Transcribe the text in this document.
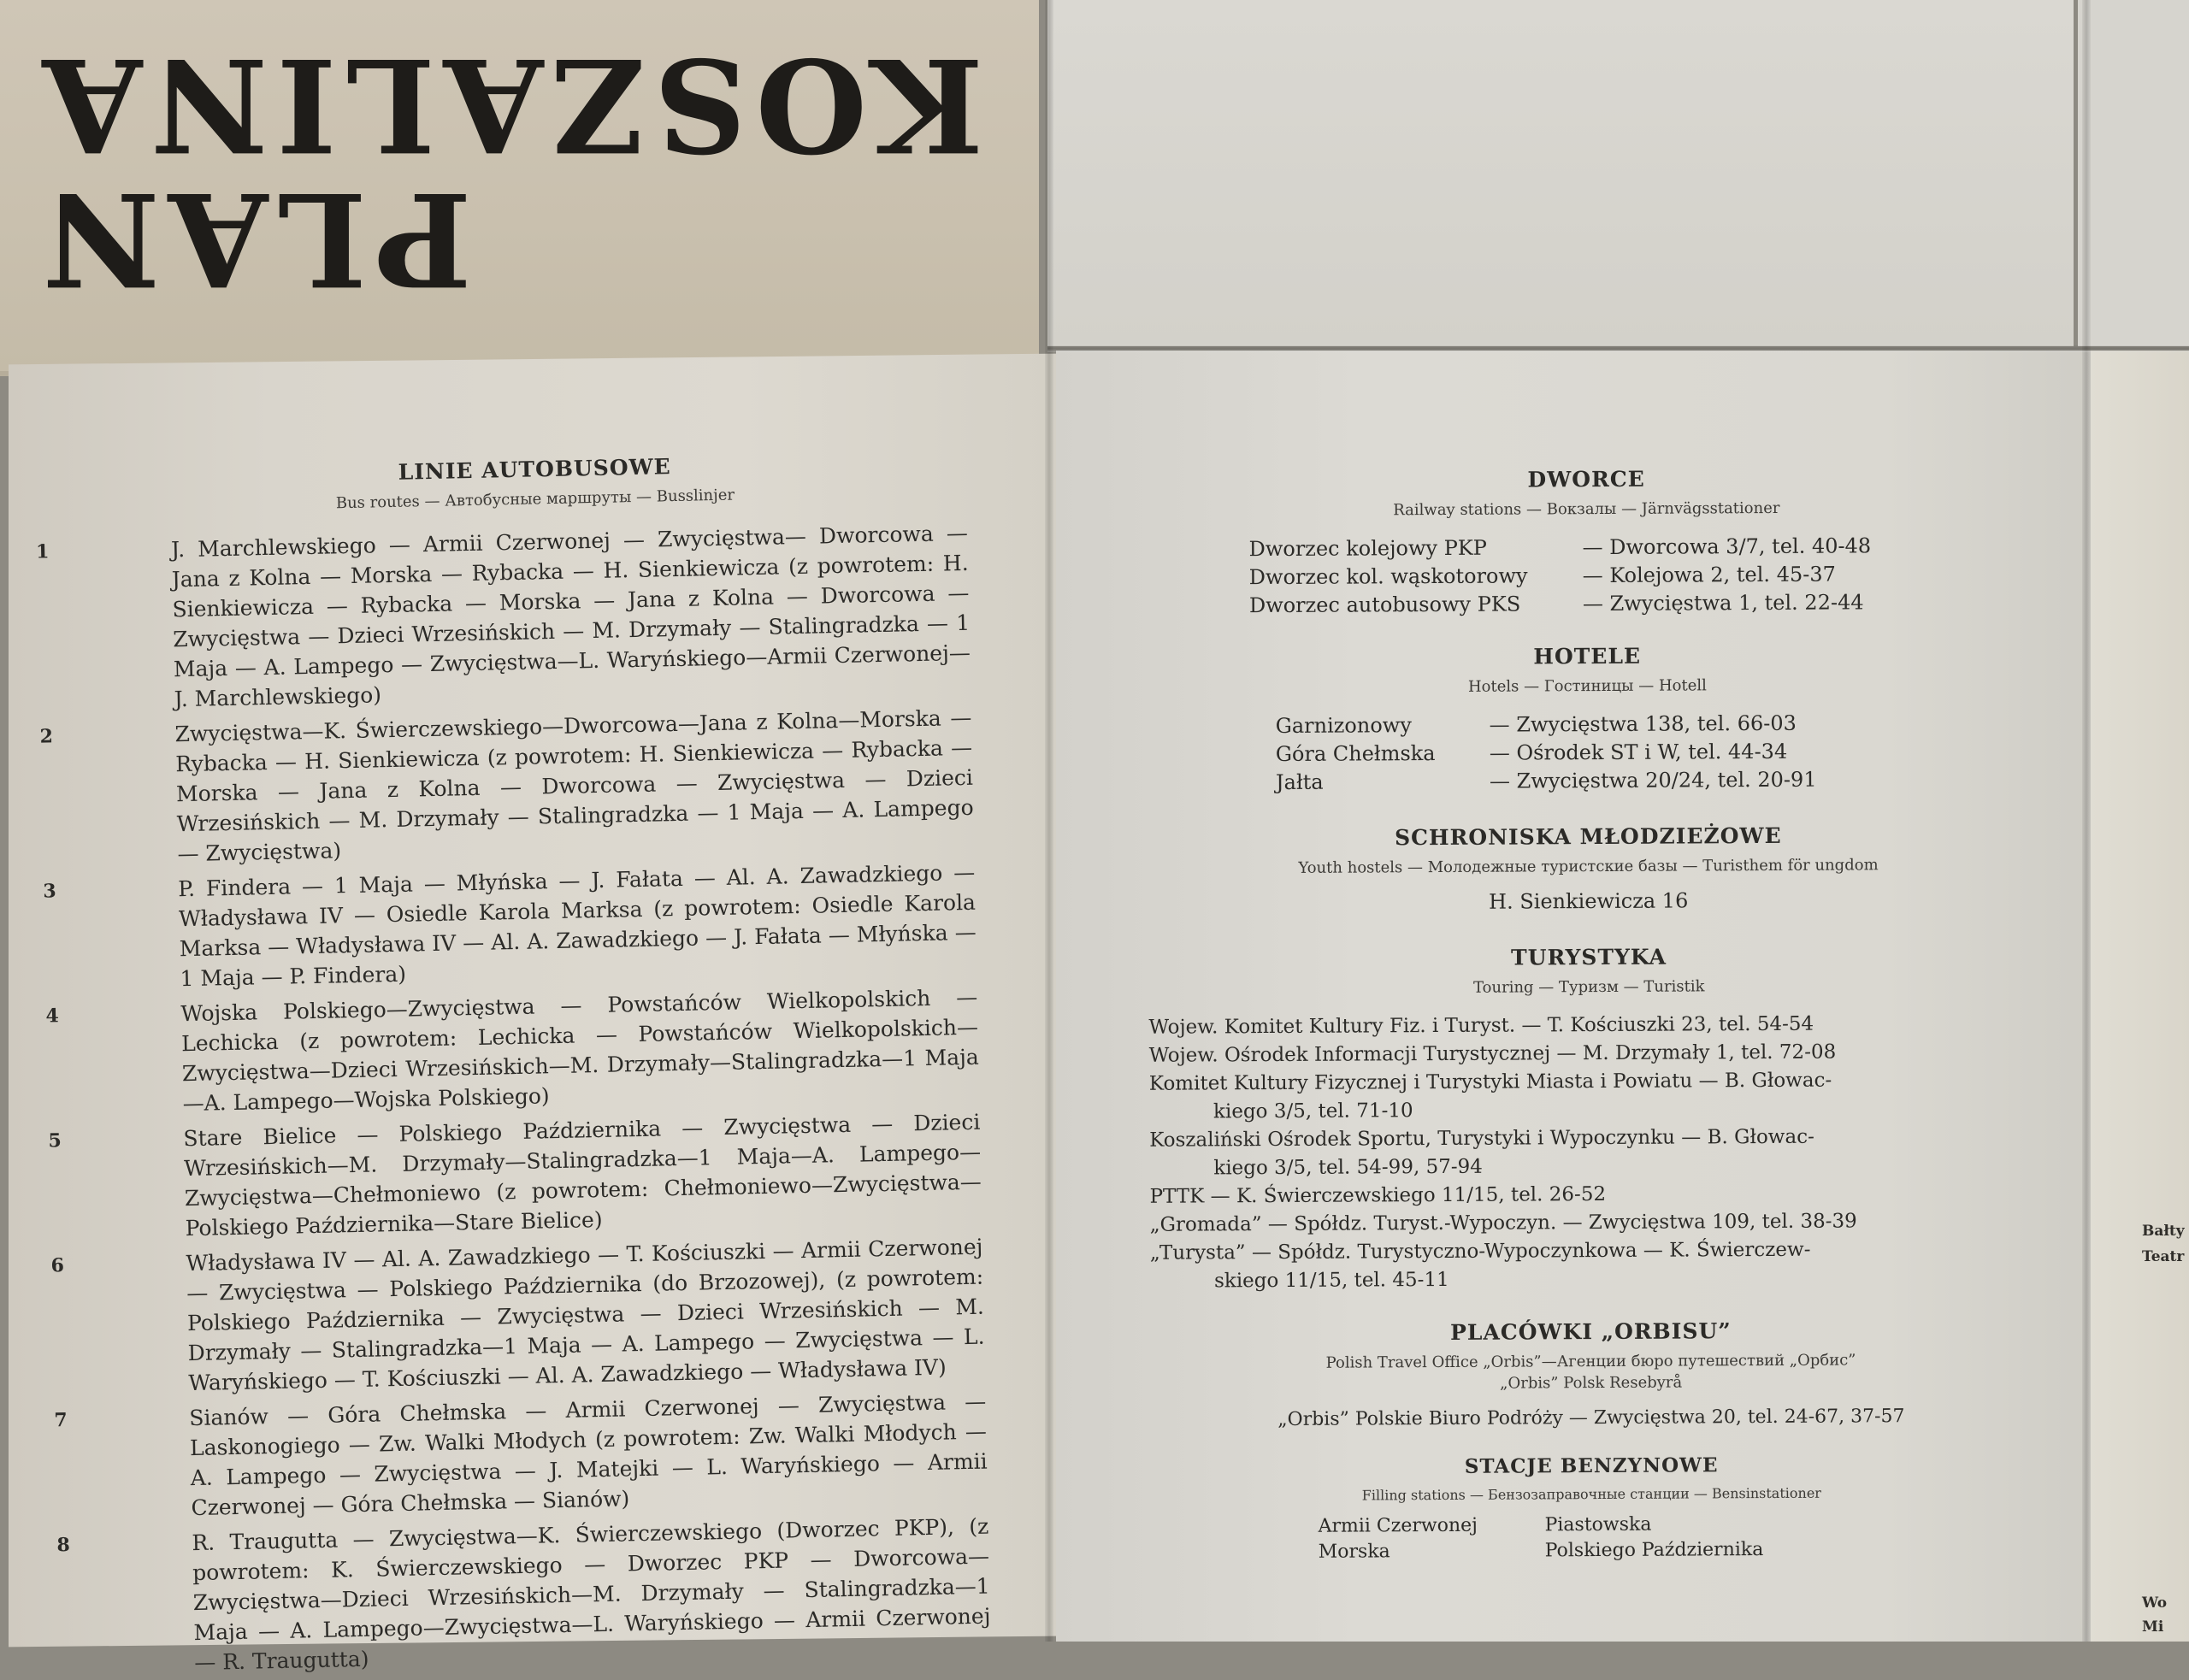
PLAN
KOSZALINA
LINIE AUTOBUSOWE
Bus routes — Автобусные маршруты — Busslinjer
1	J. Marchlewskiego — Armii Czerwonej — Zwycięstwa— Dworcowa — Jana z Kolna — Morska — Rybacka — H. Sienkiewicza (z powrotem: H. Sienkiewicza — Rybacka — Morska — Jana z Kolna — Dworcowa — Zwycięstwa — Dzieci Wrzesińskich — M. Drzymały — Stalingradzka — 1 Maja — A. Lampego — Zwycięstwa—L. Waryńskiego—Armii Czerwonej— J. Marchlewskiego)
2	Zwycięstwa—K. Świerczewskiego—Dworcowa—Jana z Kolna—Morska — Rybacka — H. Sienkiewicza (z powrotem: H. Sienkiewicza — Rybacka — Morska — Jana z Kolna — Dworcowa — Zwycięstwa — Dzieci Wrzesińskich — M. Drzymały — Stalingradzka — 1 Maja — A. Lampego — Zwycięstwa)
3	P. Findera — 1 Maja — Młyńska — J. Fałata — Al. A. Zawadzkiego — Władysława IV — Osiedle Karola Marksa (z powrotem: Osiedle Karola Marksa — Władysława IV — Al. A. Zawadzkiego — J. Fałata — Młyńska — 1 Maja — P. Findera)
4	Wojska Polskiego—Zwycięstwa — Powstańców Wielkopolskich — Lechicka (z powrotem: Lechicka — Powstańców Wielkopolskich—Zwycięstwa—Dzieci Wrzesińskich—M. Drzymały—Stalingradzka—1 Maja—A. Lampego—Wojska Polskiego)
5	Stare Bielice — Polskiego Października — Zwycięstwa — Dzieci Wrzesińskich—M. Drzymały—Stalingradzka—1 Maja—A. Lampego—Zwycięstwa—Chełmoniewo (z powrotem: Chełmoniewo—Zwycięstwa—Polskiego Października—Stare Bielice)
6	Władysława IV — Al. A. Zawadzkiego — T. Kościuszki — Armii Czerwonej — Zwycięstwa — Polskiego Października (do Brzozowej), (z powrotem: Polskiego Października — Zwycięstwa — Dzieci Wrzesińskich — M. Drzymały — Stalingradzka—1 Maja — A. Lampego — Zwycięstwa — L. Waryńskiego — T. Kościuszki — Al. A. Zawadzkiego — Władysława IV)
7	Sianów — Góra Chełmska — Armii Czerwonej — Zwycięstwa — Laskonogiego — Zw. Walki Młodych (z powrotem: Zw. Walki Młodych — A. Lampego — Zwycięstwa — J. Matejki — L. Waryńskiego — Armii Czerwonej — Góra Chełmska — Sianów)
8	R. Traugutta — Zwycięstwa—K. Świerczewskiego (Dworzec PKP), (z powrotem: K. Świerczewskiego — Dworzec PKP — Dworcowa—Zwycięstwa—Dzieci Wrzesińskich—M. Drzymały — Stalingradzka—1 Maja — A. Lampego—Zwycięstwa—L. Waryńskiego — Armii Czerwonej — R. Traugutta)
DWORCE
Railway stations — Вокзалы — Järnvägsstationer
Dworzec kolejowy PKP	— Dworcowa 3/7, tel. 40-48
Dworzec kol. wąskotorowy	— Kolejowa 2, tel. 45-37
Dworzec autobusowy PKS	— Zwycięstwa 1, tel. 22-44
HOTELE
Hotels — Гостиницы — Hotell
Garnizonowy	— Zwycięstwa 138, tel. 66-03
Góra Chełmska	— Ośrodek ST i W, tel. 44-34
Jałta	— Zwycięstwa 20/24, tel. 20-91
SCHRONISKA MŁODZIEŻOWE
Youth hostels — Молодежные туристские базы — Turisthem för ungdom
H. Sienkiewicza 16
TURYSTYKA
Touring — Туризм — Turistik
Wojew. Komitet Kultury Fiz. i Turyst. — T. Kościuszki 23, tel. 54-54
Wojew. Ośrodek Informacji Turystycznej — M. Drzymały 1, tel. 72-08
Komitet Kultury Fizycznej i Turystyki Miasta i Powiatu — B. Głowac-
kiego 3/5, tel. 71-10
Koszaliński Ośrodek Sportu, Turystyki i Wypoczynku — B. Głowac-
kiego 3/5, tel. 54-99, 57-94
PTTK — K. Świerczewskiego 11/15, tel. 26-52
„Gromada” — Spółdz. Turyst.-Wypoczyn. — Zwycięstwa 109, tel. 38-39
„Turysta” — Spółdz. Turystyczno-Wypoczynkowa — K. Świerczew-
skiego 11/15, tel. 45-11
PLACÓWKI „ORBISU”
Polish Travel Office „Orbis”—Агенции бюро путешествий „Орбис”
„Orbis” Polsk Resebyrå
„Orbis” Polskie Biuro Podróży — Zwycięstwa 20, tel. 24-67, 37-57
STACJE BENZYNOWE
Filling stations — Бензозаправочные станции — Bensinstationer
Armii Czerwonej	Piastowska
Morska	Polskiego Października
Bałty
Teatr
Wo
Mi
